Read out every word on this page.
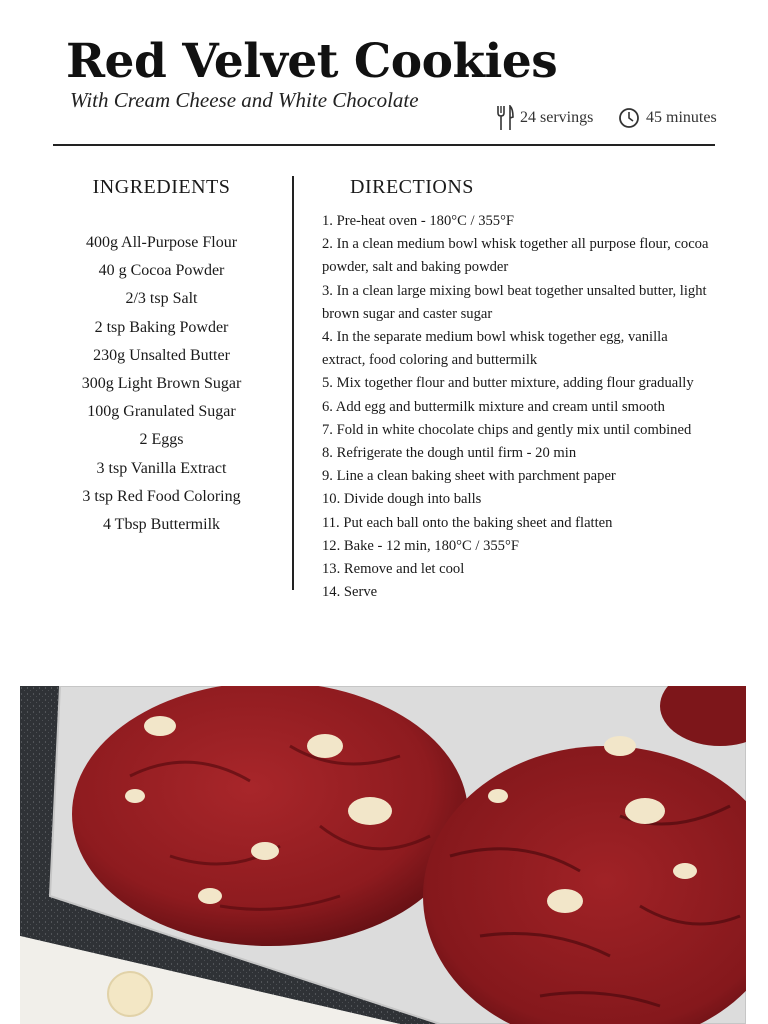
Red Velvet Cookies
With Cream Cheese and White Chocolate
24 servings	45 minutes
INGREDIENTS
400g All-Purpose Flour
40 g Cocoa Powder
2/3 tsp Salt
2 tsp Baking Powder
230g Unsalted Butter
300g Light Brown Sugar
100g Granulated Sugar
2 Eggs
3 tsp Vanilla Extract
3 tsp Red Food Coloring
4 Tbsp Buttermilk
DIRECTIONS
1. Pre-heat oven - 180°C / 355°F
2. In a clean medium bowl whisk together all purpose flour, cocoa powder, salt and baking powder
3. In a clean large mixing bowl beat together unsalted butter, light brown sugar and caster sugar
4. In the separate medium bowl whisk together egg, vanilla extract, food coloring and buttermilk
5. Mix together flour and butter mixture, adding flour gradually
6. Add egg and buttermilk mixture and cream until smooth
7. Fold in white chocolate chips and gently mix until combined
8. Refrigerate the dough until firm - 20 min
9. Line a clean baking sheet with parchment paper
10. Divide dough into balls
11. Put each ball onto the baking sheet and flatten
12. Bake - 12 min, 180°C / 355°F
13. Remove and let cool
14. Serve
